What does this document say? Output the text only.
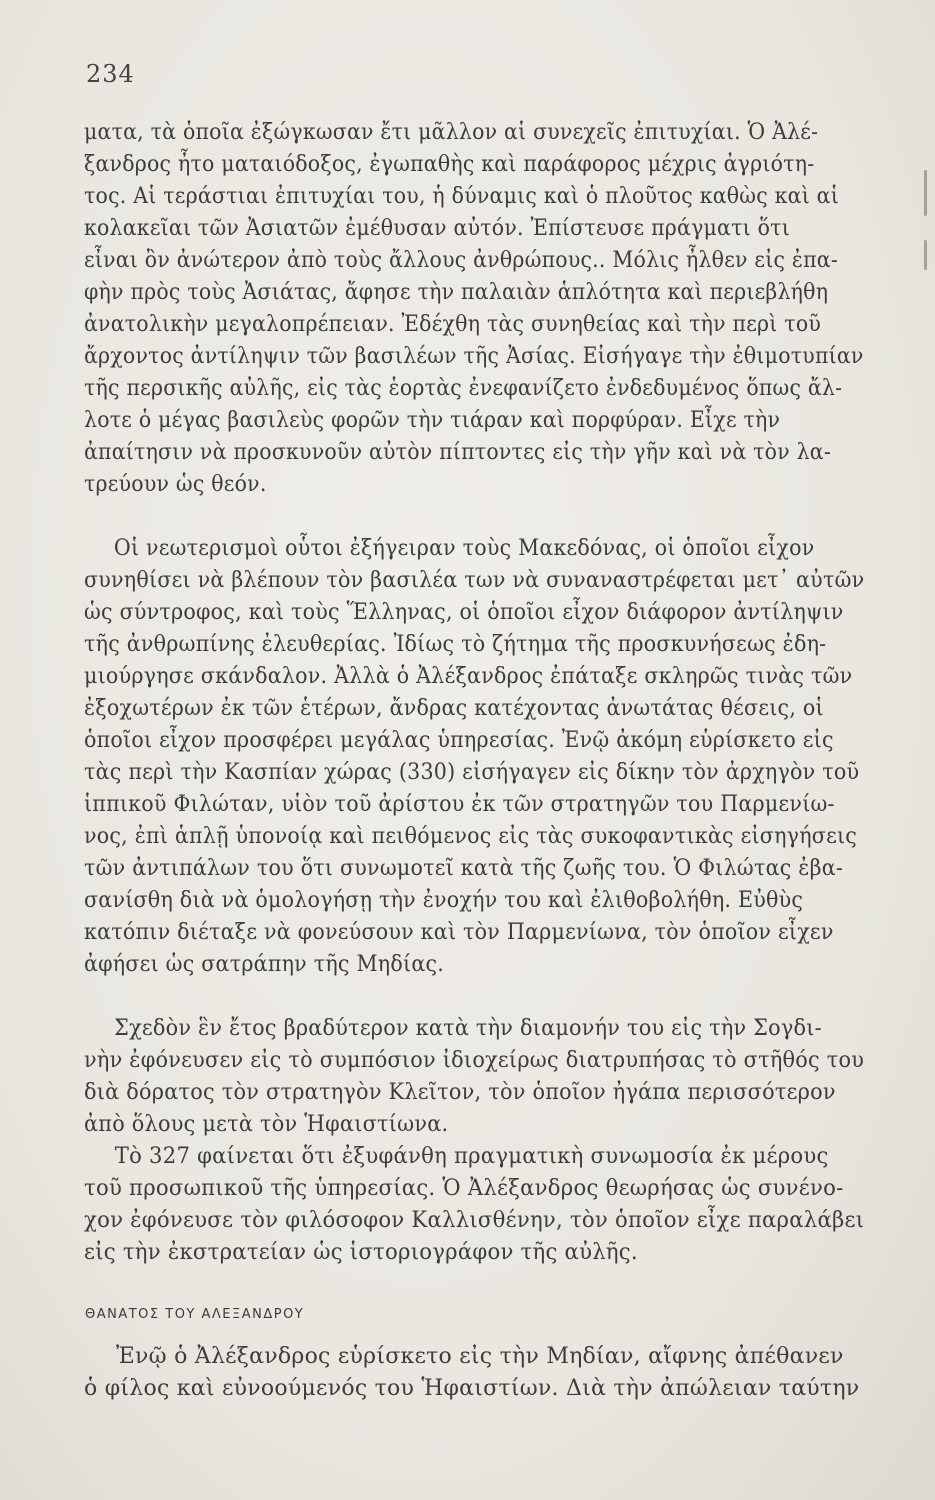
234
ματα, τὰ ὁποῖα ἐξώγκωσαν ἔτι μᾶλλον αἱ συνεχεῖς ἐπιτυχίαι. Ὁ Ἀλέ-
ξανδρος ἦτο ματαιόδοξος, ἐγωπαθὴς καὶ παράφορος μέχρις ἀγριότη-
τος. Αἱ τεράστιαι ἐπιτυχίαι του, ἡ δύναμις καὶ ὁ πλοῦτος καθὼς καὶ αἱ
κολακεῖαι τῶν Ἀσιατῶν ἐμέθυσαν αὐτόν. Ἐπίστευσε πράγματι ὅτι
εἶναι ὂν ἀνώτερον ἀπὸ τοὺς ἄλλους ἀνθρώπους.. Μόλις ἦλθεν εἰς ἐπα-
φὴν πρὸς τοὺς Ἀσιάτας, ἄφησε τὴν παλαιὰν ἁπλότητα καὶ περιεβλήθη
ἀνατολικὴν μεγαλοπρέπειαν. Ἐδέχθη τὰς συνηθείας καὶ τὴν περὶ τοῦ
ἄρχοντος ἀντίληψιν τῶν βασιλέων τῆς Ἀσίας. Εἰσήγαγε τὴν ἐθιμοτυπίαν
τῆς περσικῆς αὐλῆς, εἰς τὰς ἑορτὰς ἐνεφανίζετο ἐνδεδυμένος ὅπως ἄλ-
λοτε ὁ μέγας βασιλεὺς φορῶν τὴν τιάραν καὶ πορφύραν. Εἶχε τὴν
ἀπαίτησιν νὰ προσκυνοῦν αὐτὸν πίπτοντες εἰς τὴν γῆν καὶ νὰ τὸν λα-
τρεύουν ὡς θεόν.
Οἱ νεωτερισμοὶ οὗτοι ἐξήγειραν τοὺς Μακεδόνας, οἱ ὁποῖοι εἶχον
συνηθίσει νὰ βλέπουν τὸν βασιλέα των νὰ συναναστρέφεται μετ᾽ αὐτῶν
ὡς σύντροφος, καὶ τοὺς Ἕλληνας, οἱ ὁποῖοι εἶχον διάφορον ἀντίληψιν
τῆς ἀνθρωπίνης ἐλευθερίας. Ἰδίως τὸ ζήτημα τῆς προσκυνήσεως ἐδη-
μιούργησε σκάνδαλον. Ἀλλὰ ὁ Ἀλέξανδρος ἐπάταξε σκληρῶς τινὰς τῶν
ἐξοχωτέρων ἐκ τῶν ἑτέρων, ἄνδρας κατέχοντας ἀνωτάτας θέσεις, οἱ
ὁποῖοι εἶχον προσφέρει μεγάλας ὑπηρεσίας. Ἐνῷ ἀκόμη εὑρίσκετο εἰς
τὰς περὶ τὴν Κασπίαν χώρας (330) εἰσήγαγεν εἰς δίκην τὸν ἀρχηγὸν τοῦ
ἱππικοῦ Φιλώταν, υἱὸν τοῦ ἀρίστου ἐκ τῶν στρατηγῶν του Παρμενίω-
νος, ἐπὶ ἁπλῇ ὑπονοίᾳ καὶ πειθόμενος εἰς τὰς συκοφαντικὰς εἰσηγήσεις
τῶν ἀντιπάλων του ὅτι συνωμοτεῖ κατὰ τῆς ζωῆς του. Ὁ Φιλώτας ἐβα-
σανίσθη διὰ νὰ ὁμολογήσῃ τὴν ἐνοχήν του καὶ ἐλιθοβολήθη. Εὐθὺς
κατόπιν διέταξε νὰ φονεύσουν καὶ τὸν Παρμενίωνα, τὸν ὁποῖον εἶχεν
ἀφήσει ὡς σατράπην τῆς Μηδίας.
Σχεδὸν ἓν ἔτος βραδύτερον κατὰ τὴν διαμονήν του εἰς τὴν Σογδι-
νὴν ἐφόνευσεν εἰς τὸ συμπόσιον ἰδιοχείρως διατρυπήσας τὸ στῆθός του
διὰ δόρατος τὸν στρατηγὸν Κλεῖτον, τὸν ὁποῖον ἠγάπα περισσότερον
ἀπὸ ὅλους μετὰ τὸν Ἡφαιστίωνα.
Τὸ 327 φαίνεται ὅτι ἐξυφάνθη πραγματικὴ συνωμοσία ἐκ μέρους
τοῦ προσωπικοῦ τῆς ὑπηρεσίας. Ὁ Ἀλέξανδρος θεωρήσας ὡς συνένο-
χον ἐφόνευσε τὸν φιλόσοφον Καλλισθένην, τὸν ὁποῖον εἶχε παραλάβει
εἰς τὴν ἐκστρατείαν ὡς ἱστοριογράφον τῆς αὐλῆς.
ΘΑΝΑΤΟΣ ΤΟΥ ΑΛΕΞΑΝΔΡΟΥ
Ἐνῷ ὁ Ἀλέξανδρος εὑρίσκετο εἰς τὴν Μηδίαν, αἴφνης ἀπέθανεν
ὁ φίλος καὶ εὐνοούμενός του Ἡφαιστίων. Διὰ τὴν ἀπώλειαν ταύτην
